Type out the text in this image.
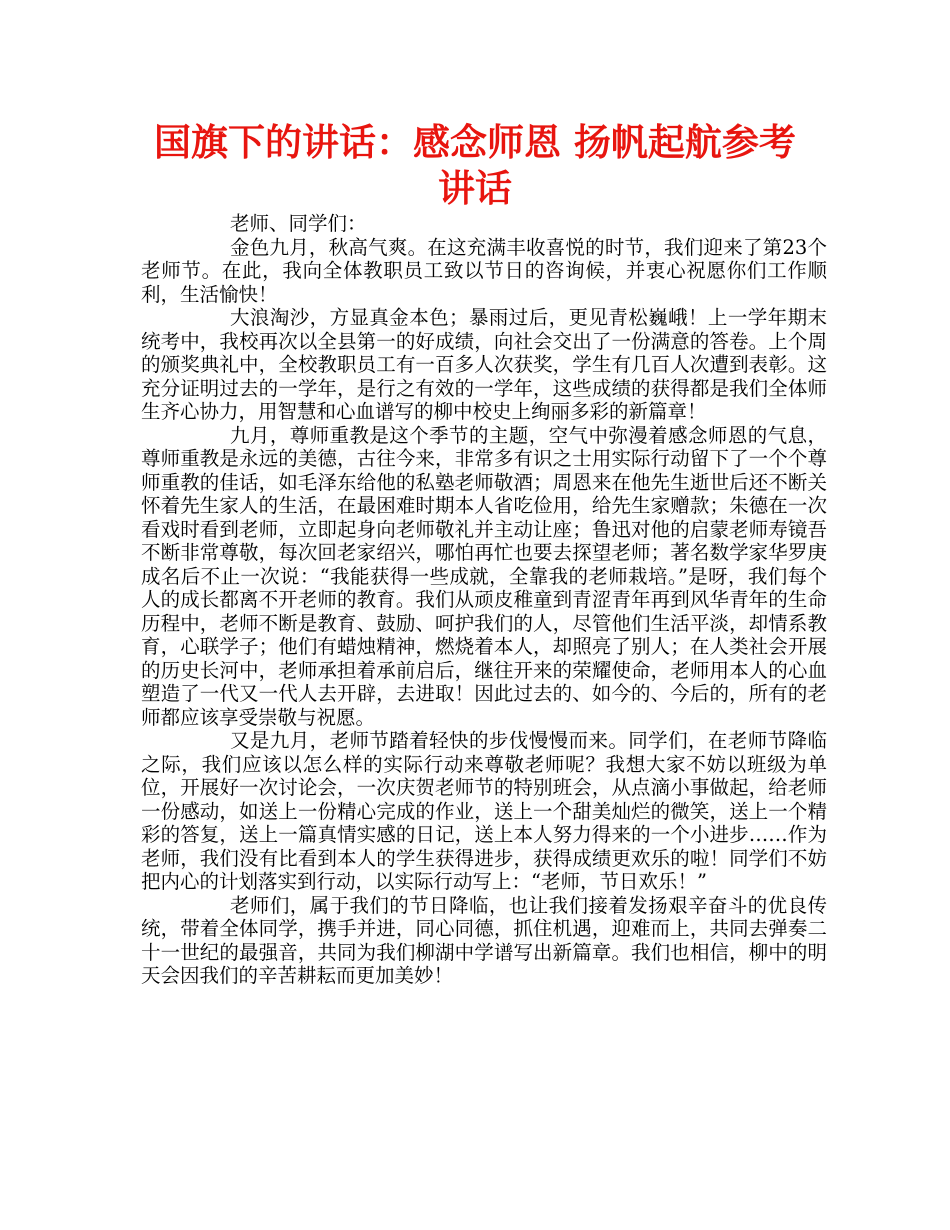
国旗下的讲话：感念师恩 扬帆起航参考讲话

老师、同学们：

金色九月，秋高气爽。在这充满丰收喜悦的时节，我们迎来了第23个老师节。在此，我向全体教职员工致以节日的咨询候，并衷心祝愿你们工作顺利，生活愉快！

大浪淘沙，方显真金本色；暴雨过后，更见青松巍峨！上一学年期末统考中，我校再次以全县第一的好成绩，向社会交出了一份满意的答卷。上个周的颁奖典礼中，全校教职员工有一百多人次获奖，学生有几百人次遭到表彰。这充分证明过去的一学年，是行之有效的一学年，这些成绩的获得都是我们全体师生齐心协力，用智慧和心血谱写的柳中校史上绚丽多彩的新篇章！

九月，尊师重教是这个季节的主题，空气中弥漫着感念师恩的气息，尊师重教是永远的美德，古往今来，非常多有识之士用实际行动留下了一个个尊师重教的佳话，如毛泽东给他的私塾老师敬酒；周恩来在他先生逝世后还不断关怀着先生家人的生活，在最困难时期本人省吃俭用，给先生家赠款；朱德在一次看戏时看到老师，立即起身向老师敬礼并主动让座；鲁迅对他的启蒙老师寿镜吾不断非常尊敬，每次回老家绍兴，哪怕再忙也要去探望老师；著名数学家华罗庚成名后不止一次说：“我能获得一些成就，全靠我的老师栽培。”是呀，我们每个人的成长都离不开老师的教育。我们从顽皮稚童到青涩青年再到风华青年的生命历程中，老师不断是教育、鼓励、呵护我们的人，尽管他们生活平淡，却情系教育，心联学子；他们有蜡烛精神，燃烧着本人，却照亮了别人；在人类社会开展的历史长河中，老师承担着承前启后，继往开来的荣耀使命，老师用本人的心血塑造了一代又一代人去开辟，去进取！因此过去的、如今的、今后的，所有的老师都应该享受崇敬与祝愿。

又是九月，老师节踏着轻快的步伐慢慢而来。同学们，在老师节降临之际，我们应该以怎么样的实际行动来尊敬老师呢？我想大家不妨以班级为单位，开展好一次讨论会，一次庆贺老师节的特别班会，从点滴小事做起，给老师一份感动，如送上一份精心完成的作业，送上一个甜美灿烂的微笑，送上一个精彩的答复，送上一篇真情实感的日记，送上本人努力得来的一个小进步……作为老师，我们没有比看到本人的学生获得进步，获得成绩更欢乐的啦！同学们不妨把内心的计划落实到行动，以实际行动写上：“老师，节日欢乐！”

老师们，属于我们的节日降临，也让我们接着发扬艰辛奋斗的优良传统，带着全体同学，携手并进，同心同德，抓住机遇，迎难而上，共同去弹奏二十一世纪的最强音，共同为我们柳湖中学谱写出新篇章。我们也相信，柳中的明天会因我们的辛苦耕耘而更加美妙！
